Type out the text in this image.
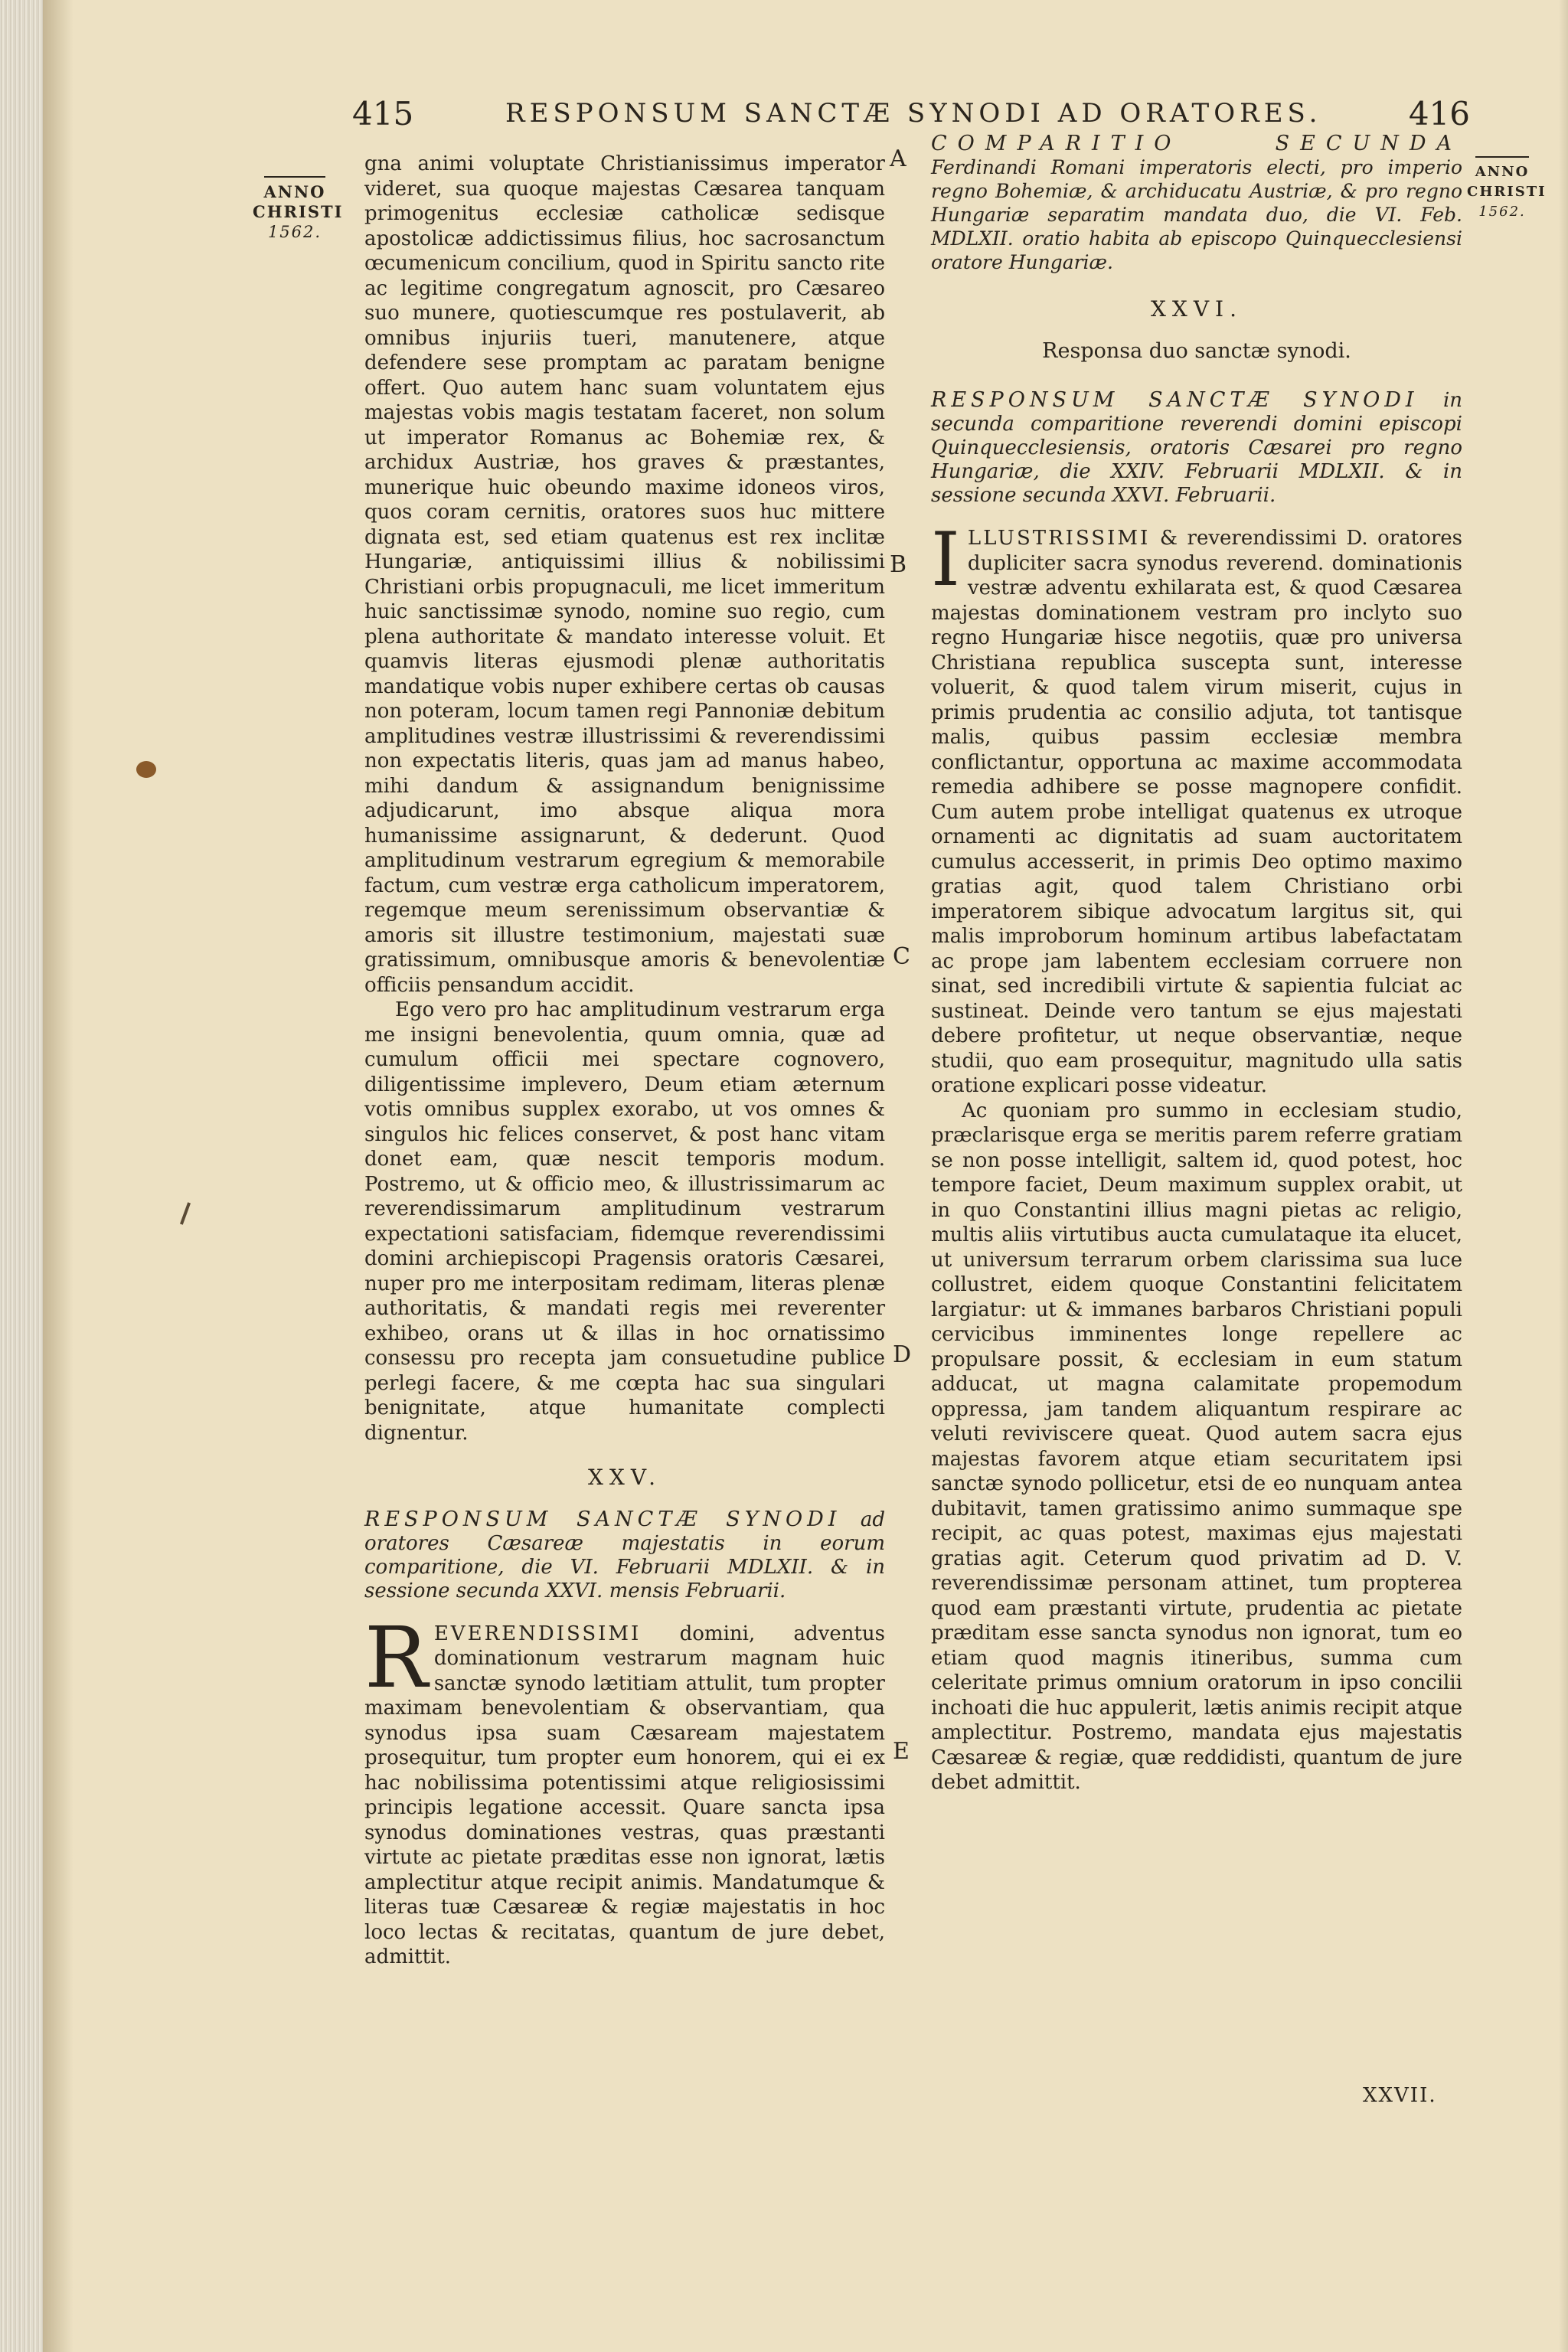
415	RESPONSUM SANCTÆ SYNODI AD ORATORES.	416
ANNO
CHRISTI
1562.
ANNO
CHRISTI
1562.
A
B
C
D
E

gna animi voluptate Christianissimus imperator videret, sua quoque majestas Cæsarea tanquam primogenitus ecclesiæ catholicæ sedisque apostolicæ addictissimus filius, hoc sacrosanctum œcumenicum concilium, quod in Spiritu sancto rite ac legitime congregatum agnoscit, pro Cæsareo suo munere, quotiescumque res postulaverit, ab omnibus injuriis tueri, manutenere, atque defendere sese promptam ac paratam benigne offert. Quo autem hanc suam voluntatem ejus majestas vobis magis testatam faceret, non solum ut imperator Romanus ac Bohemiæ rex, & archidux Austriæ, hos graves & præstantes, munerique huic obeundo maxime idoneos viros, quos coram cernitis, oratores suos huc mittere dignata est, sed etiam quatenus est rex inclitæ Hungariæ, antiquissimi illius & nobilissimi Christiani orbis propugnaculi, me licet immeritum huic sanctissimæ synodo, nomine suo regio, cum plena authoritate & mandato interesse voluit. Et quamvis literas ejusmodi plenæ authoritatis mandatique vobis nuper exhibere certas ob causas non poteram, locum tamen regi Pannoniæ debitum amplitudines vestræ illustrissimi & reverendissimi non expectatis literis, quas jam ad manus habeo, mihi dandum & assignandum benignissime adjudicarunt, imo absque aliqua mora humanissime assignarunt, & dederunt. Quod amplitudinum vestrarum egregium & memorabile factum, cum vestræ erga catholicum imperatorem, regemque meum serenissimum observantiæ & amoris sit illustre testimonium, majestati suæ gratissimum, omnibusque amoris & benevolentiæ officiis pensandum accidit.

Ego vero pro hac amplitudinum vestrarum erga me insigni benevolentia, quum omnia, quæ ad cumulum officii mei spectare cognovero, diligentissime implevero, Deum etiam æternum votis omnibus supplex exorabo, ut vos omnes & singulos hic felices conservet, & post hanc vitam donet eam, quæ nescit temporis modum. Postremo, ut & officio meo, & illustrissimarum ac reverendissimarum amplitudinum vestrarum expectationi satisfaciam, fidemque reverendissimi domini archiepiscopi Pragensis oratoris Cæsarei, nuper pro me interpositam redimam, literas plenæ authoritatis, & mandati regis mei reverenter exhibeo, orans ut & illas in hoc ornatissimo consessu pro recepta jam consuetudine publice perlegi facere, & me cœpta hac sua singulari benignitate, atque humanitate complecti dignentur.

XXV.
RESPONSUM SANCTÆ SYNODI ad oratores Cæsareæ majestatis in eorum comparitione, die VI. Februarii MDLXII. & in sessione secunda XXVI. mensis Februarii.

REVERENDISSIMI domini, adventus dominationum vestrarum magnam huic sanctæ synodo lætitiam attulit, tum propter maximam benevolentiam & observantiam, qua synodus ipsa suam Cæsaream majestatem prosequitur, tum propter eum honorem, qui ei ex hac nobilissima potentissimi atque religiosissimi principis legatione accessit. Quare sancta ipsa synodus dominationes vestras, quas præstanti virtute ac pietate præditas esse non ignorat, lætis amplectitur atque recipit animis. Mandatumque & literas tuæ Cæsareæ & regiæ majestatis in hoc loco lectas & recitatas, quantum de jure debet, admittit.

COMPARITIO SECUNDA Ferdinandi Romani imperatoris electi, pro imperio regno Bohemiæ, & archiducatu Austriæ, & pro regno Hungariæ separatim mandata duo, die VI. Feb. MDLXII. oratio habita ab episcopo Quinquecclesiensi oratore Hungariæ.
XXVI.
Responsa duo sanctæ synodi.
RESPONSUM SANCTÆ SYNODI in secunda comparitione reverendi domini episcopi Quinquecclesiensis, oratoris Cæsarei pro regno Hungariæ, die XXIV. Februarii MDLXII. & in sessione secunda XXVI. Februarii.

ILLUSTRISSIMI & reverendissimi D. oratores dupliciter sacra synodus reverend. dominationis vestræ adventu exhilarata est, & quod Cæsarea majestas dominationem vestram pro inclyto suo regno Hungariæ hisce negotiis, quæ pro universa Christiana republica suscepta sunt, interesse voluerit, & quod talem virum miserit, cujus in primis prudentia ac consilio adjuta, tot tantisque malis, quibus passim ecclesiæ membra conflictantur, opportuna ac maxime accommodata remedia adhibere se posse magnopere confidit. Cum autem probe intelligat quatenus ex utroque ornamenti ac dignitatis ad suam auctoritatem cumulus accesserit, in primis Deo optimo maximo gratias agit, quod talem Christiano orbi imperatorem sibique advocatum largitus sit, qui malis improborum hominum artibus labefactatam ac prope jam labentem ecclesiam corruere non sinat, sed incredibili virtute & sapientia fulciat ac sustineat. Deinde vero tantum se ejus majestati debere profitetur, ut neque observantiæ, neque studii, quo eam prosequitur, magnitudo ulla satis oratione explicari posse videatur.

Ac quoniam pro summo in ecclesiam studio, præclarisque erga se meritis parem referre gratiam se non posse intelligit, saltem id, quod potest, hoc tempore faciet, Deum maximum supplex orabit, ut in quo Constantini illius magni pietas ac religio, multis aliis virtutibus aucta cumulataque ita elucet, ut universum terrarum orbem clarissima sua luce collustret, eidem quoque Constantini felicitatem largiatur: ut & immanes barbaros Christiani populi cervicibus imminentes longe repellere ac propulsare possit, & ecclesiam in eum statum adducat, ut magna calamitate propemodum oppressa, jam tandem aliquantum respirare ac veluti reviviscere queat. Quod autem sacra ejus majestas favorem atque etiam securitatem ipsi sanctæ synodo pollicetur, etsi de eo nunquam antea dubitavit, tamen gratissimo animo summaque spe recipit, ac quas potest, maximas ejus majestati gratias agit. Ceterum quod privatim ad D. V. reverendissimæ personam attinet, tum propterea quod eam præstanti virtute, prudentia ac pietate præditam esse sancta synodus non ignorat, tum eo etiam quod magnis itineribus, summa cum celeritate primus omnium oratorum in ipso concilii inchoati die huc appulerit, lætis animis recipit atque amplectitur. Postremo, mandata ejus majestatis Cæsareæ & regiæ, quæ reddidisti, quantum de jure debet admittit.

XXVII.
